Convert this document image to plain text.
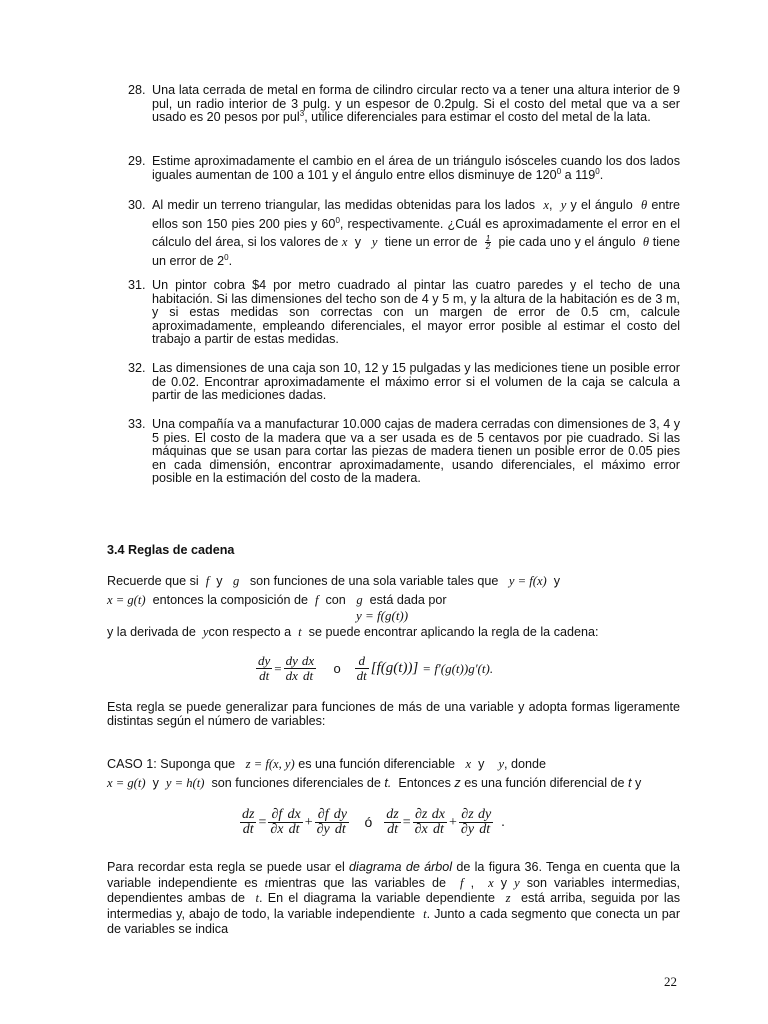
28. Una lata cerrada de metal en forma de cilindro circular recto va a tener una altura interior de 9 pul, un radio interior de 3 pulg. y un espesor de 0.2pulg. Si el costo del metal que va a ser usado es 20 pesos por pul$^3$, utilice diferenciales para estimar el costo del metal de la lata.
29. Estime aproximadamente el cambio en el área de un triángulo isósceles cuando los dos lados iguales aumentan de 100 a 101 y el ángulo entre ellos disminuye de $120^0$ a $119^0$.
30. Al medir un terreno triangular, las medidas obtenidas para los lados x, y y el ángulo θ entre ellos son 150 pies 200 pies y $60^0$, respectivamente. ¿Cuál es aproximadamente el error en el cálculo del área, si los valores de x y y tiene un error de $\frac{1}{2}$ pie cada uno y el ángulo θ tiene un error de $2^0$.
31. Un pintor cobra $4 por metro cuadrado al pintar las cuatro paredes y el techo de una habitación. Si las dimensiones del techo son de 4 y 5 m, y la altura de la habitación es de 3 m, y si estas medidas son correctas con un margen de error de 0.5 cm, calcule aproximadamente, empleando diferenciales, el mayor error posible al estimar el costo del trabajo a partir de estas medidas.
32. Las dimensiones de una caja son 10, 12 y 15 pulgadas y las mediciones tiene un posible error de 0.02. Encontrar aproximadamente el máximo error si el volumen de la caja se calcula a partir de las mediciones dadas.
33. Una compañía va a manufacturar 10.000 cajas de madera cerradas con dimensiones de 3, 4 y 5 pies. El costo de la madera que va a ser usada es de 5 centavos por pie cuadrado. Si las máquinas que se usan para cortar las piezas de madera tienen un posible error de 0.05 pies en cada dimensión, encontrar aproximadamente, usando diferenciales, el máximo error posible en la estimación del costo de la madera.
3.4 Reglas de cadena
Recuerde que si f y g son funciones de una sola variable tales que y = f(x) y
x = g(t) entonces la composición de f con g está dada por
y = f(g(t))
y la derivada de ycon respecto a t se puede encontrar aplicando la regla de la cadena:
$\frac{dy}{dt} = \frac{dy}{dx} \frac{dx}{dt}$ o $\frac{d}{dt} [f(g(t))] = f'(g(t))g'(t)$.
Esta regla se puede generalizar para funciones de más de una variable y adopta formas ligeramente distintas según el número de variables:
CASO 1: Suponga que z = f(x, y) es una función diferenciable x y y, donde
x = g(t) y y = h(t) son funciones diferenciales de t. Entonces z es una función diferencial de t y
$\frac{dz}{dt} = \frac{\partial f}{\partial x} \frac{dx}{dt} + \frac{\partial f}{\partial y} \frac{dy}{dt}$ ó $\frac{dz}{dt} = \frac{\partial z}{\partial x} \frac{dx}{dt} + \frac{\partial z}{\partial y} \frac{dy}{dt}$ .
Para recordar esta regla se puede usar el diagrama de árbol de la figura 36. Tenga en cuenta que la variable independiente es tmientras que las variables de f , x y y son variables intermedias, dependientes ambas de t. En el diagrama la variable dependiente z está arriba, seguida por las intermedias y, abajo de todo, la variable independiente t. Junto a cada segmento que conecta un par de variables se indica
22
